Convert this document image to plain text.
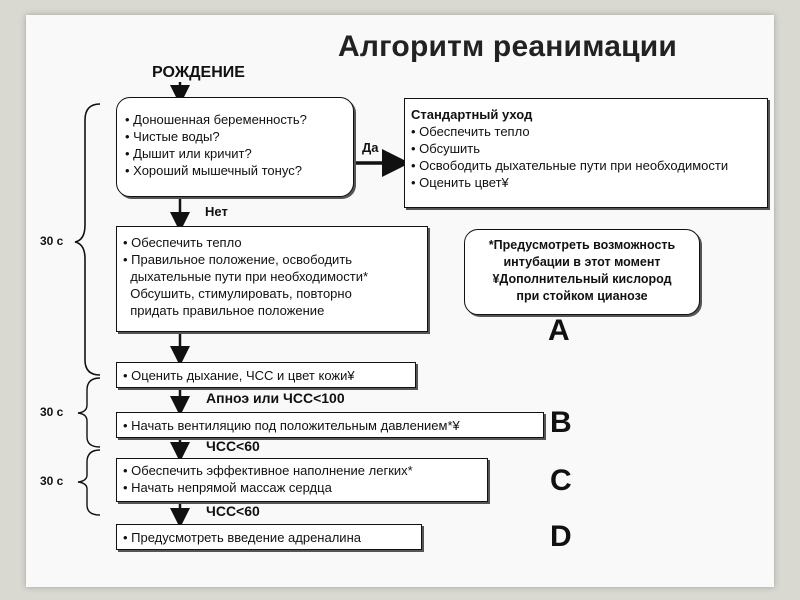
Алгоритм реанимации
РОЖДЕНИЕ
• Доношенная беременность?
• Чистые воды?
• Дышит или кричит?
• Хороший мышечный тонус?
Да
Нет
Стандартный уход
• Обеспечить тепло
• Обсушить
• Освободить дыхательные пути при необходимости
• Оценить цвет¥
• Обеспечить тепло
• Правильное положение, освободить
дыхательные пути при необходимости*
Обсушить, стимулировать, повторно
придать правильное положение
*Предусмотреть возможность
интубации в этот момент
¥Дополнительный кислород
при стойком цианозе
A
• Оценить дыхание, ЧСС и цвет кожи¥
Апноэ или ЧСС<100
• Начать вентиляцию под положительным давлением*¥	B
ЧСС<60
• Обеспечить эффективное наполнение легких*
• Начать непрямой массаж сердца	C
ЧСС<60
• Предусмотреть введение адреналина	D
30 с
30 с
30 с
